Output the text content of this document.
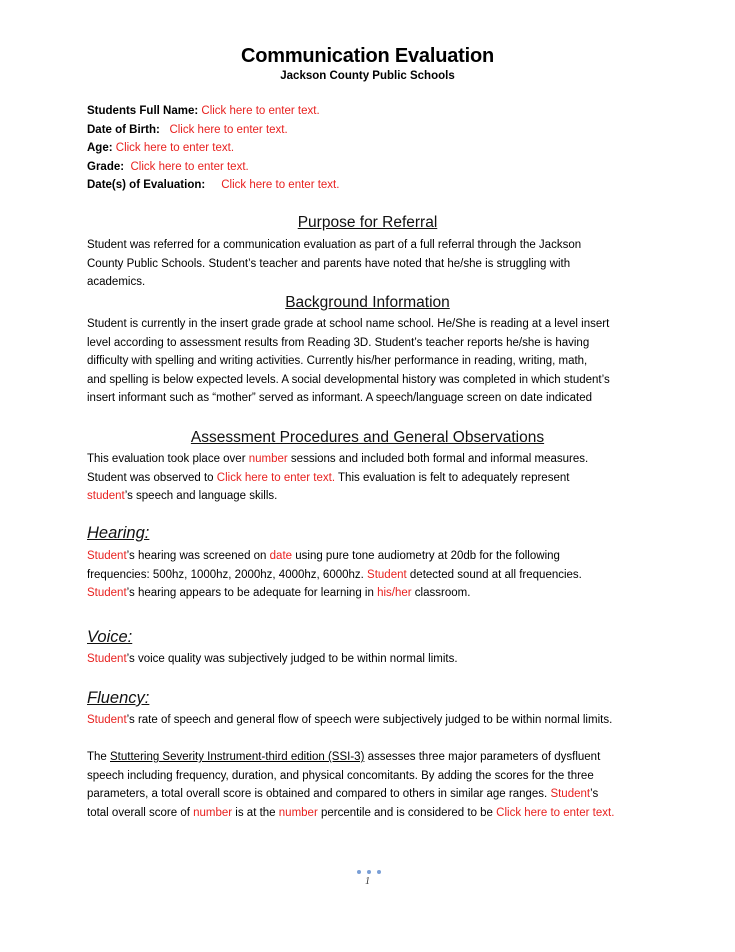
Communication Evaluation
Jackson County Public Schools
Students Full Name: Click here to enter text.
Date of Birth: Click here to enter text.
Age: Click here to enter text.
Grade: Click here to enter text.
Date(s) of Evaluation: Click here to enter text.
Purpose for Referral
Student was referred for a communication evaluation as part of a full referral through the Jackson
County Public Schools. Student’s teacher and parents have noted that he/she is struggling with
academics.
Background Information
Student is currently in the insert grade grade at school name school. He/She is reading at a level insert
level according to assessment results from Reading 3D. Student’s teacher reports he/she is having
difficulty with spelling and writing activities. Currently his/her performance in reading, writing, math,
and spelling is below expected levels. A social developmental history was completed in which student’s
insert informant such as “mother” served as informant. A speech/language screen on date indicated
Assessment Procedures and General Observations
This evaluation took place over number sessions and included both formal and informal measures.
Student was observed to Click here to enter text. This evaluation is felt to adequately represent
student’s speech and language skills.
Hearing:
Student’s hearing was screened on date using pure tone audiometry at 20db for the following
frequencies: 500hz, 1000hz, 2000hz, 4000hz, 6000hz. Student detected sound at all frequencies.
Student’s hearing appears to be adequate for learning in his/her classroom.
Voice:
Student’s voice quality was subjectively judged to be within normal limits.
Fluency:
Student’s rate of speech and general flow of speech were subjectively judged to be within normal limits.
The Stuttering Severity Instrument-third edition (SSI-3) assesses three major parameters of dysfluent
speech including frequency, duration, and physical concomitants. By adding the scores for the three
parameters, a total overall score is obtained and compared to others in similar age ranges. Student’s
total overall score of number is at the number percentile and is considered to be Click here to enter text.
1
